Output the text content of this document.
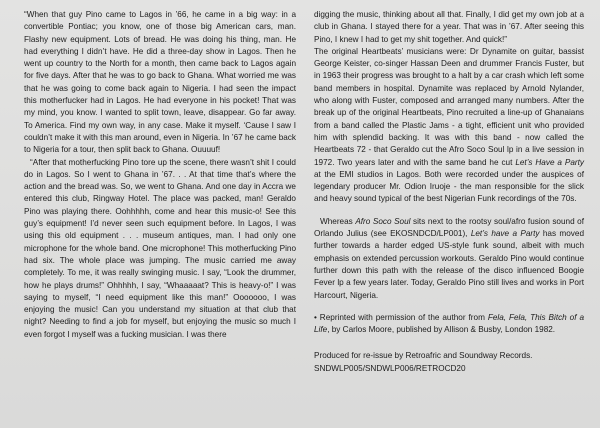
“When that guy Pino came to Lagos in ’66, he came in a big way: in a convertible Pontiac; you know, one of those big American cars, man. Flashy new equipment. Lots of bread. He was doing his thing, man. He had everything I didn’t have. He did a three-day show in Lagos. Then he went up country to the North for a month, then came back to Lagos again for five days. After that he was to go back to Ghana. What worried me was that he was going to come back again to Nigeria. I had seen the impact this motherfucker had in Lagos. He had everyone in his pocket! That was my mind, you know. I wanted to split town, leave, disappear. Go far away. To America. Find my own way, in any case. Make it myself. ‘Cause I saw I couldn’t make it with this man around, even in Nigeria. In ’67 he came back to Nigeria for a tour, then split back to Ghana. Ouuuuf!

“After that motherfucking Pino tore up the scene, there wasn’t shit I could do in Lagos. So I went to Ghana in ’67. . . At that time that’s where the action and the bread was. So, we went to Ghana. And one day in Accra we entered this club, Ringway Hotel. The place was packed, man! Geraldo Pino was playing there. Oohhhhh, come and hear this music-o! See this guy’s equipment! I’d never seen such equipment before. In Lagos, I was using this old equipment . . . museum antiques, man. I had only one microphone for the whole band. One microphone! This motherfucking Pino had six. The whole place was jumping. The music carried me away completely. To me, it was really swinging music. I say, “Look the drummer, how he plays drums!” Ohhhhh, I say, “Whaaaaat? This is heavy-o!” I was saying to myself, “I need equipment like this man!” Ooooooo, I was enjoying the music! Can you understand my situation at that club that night? Needing to find a job for myself, but enjoying the music so much I even forgot I myself was a fucking musician. I was there

digging the music, thinking about all that. Finally, I did get my own job at a club in Ghana. I stayed there for a year. That was in ’67. After seeing this Pino, I knew I had to get my shit together. And quick!”

The original Heartbeats’ musicians were: Dr Dynamite on guitar, bassist George Keister, co-singer Hassan Deen and drummer Francis Fuster, but in 1963 their progress was brought to a halt by a car crash which left some band members in hospital. Dynamite was replaced by Arnold Nylander, who along with Fuster, composed and arranged many numbers. After the break up of the original Heartbeats, Pino recruited a line-up of Ghanaians from a band called the Plastic Jams - a tight, efficient unit who provided him with splendid backing. It was with this band - now called the Heartbeats 72 - that Geraldo cut the Afro Soco Soul lp in a live session in 1972. Two years later and with the same band he cut Let’s Have a Party at the EMI studios in Lagos. Both were recorded under the auspices of legendary producer Mr. Odion Iruoje - the man responsible for the slick and heavy sound typical of the best Nigerian Funk recordings of the 70s.

Whereas Afro Soco Soul sits next to the rootsy soul/afro fusion sound of Orlando Julius (see EKOSNDCD/LP001), Let’s have a Party has moved further towards a harder edged US-style funk sound, albeit with much emphasis on extended percussion workouts. Geraldo Pino would continue further down this path with the release of the disco influenced Boogie Fever lp a few years later. Today, Geraldo Pino still lives and works in Port Harcourt, Nigeria.

• Reprinted with permission of the author from Fela, Fela, This Bitch of a Life, by Carlos Moore, published by Allison & Busby, London 1982.

Produced for re-issue by Retroafric and Soundway Records.

SNDWLP005/SNDWLP006/RETROCD20
